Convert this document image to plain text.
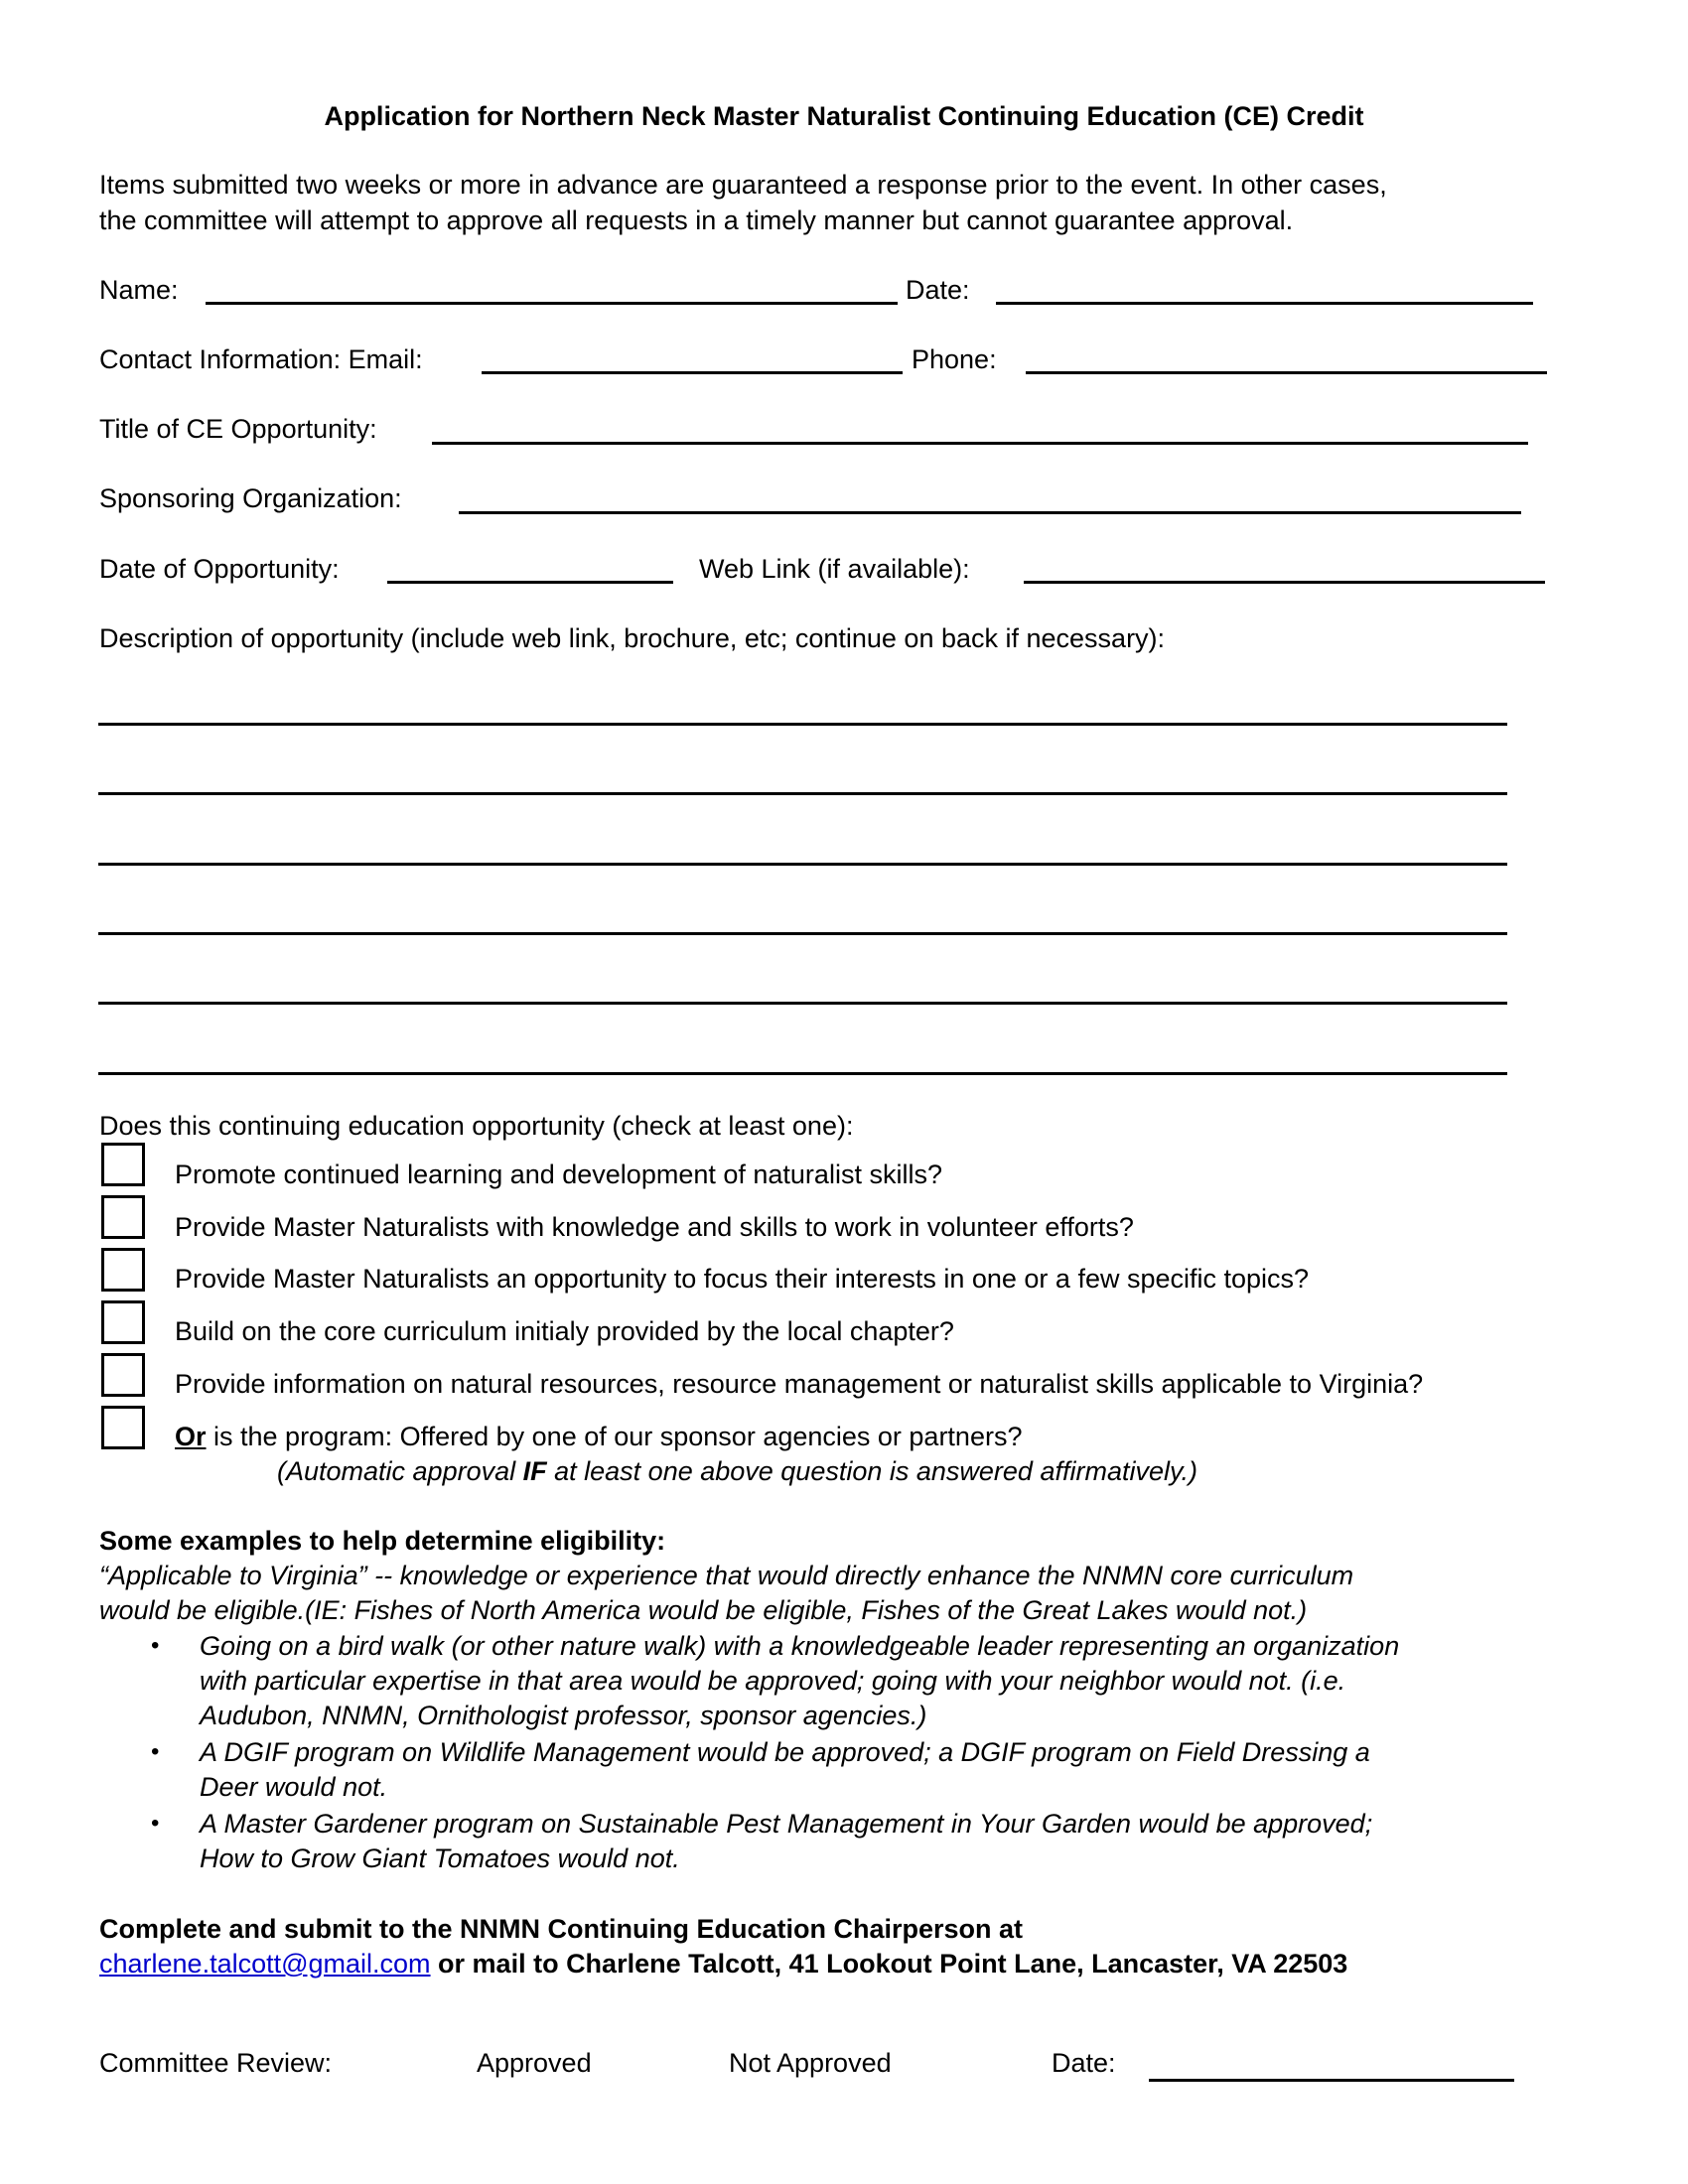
Application for Northern Neck Master Naturalist Continuing Education (CE) Credit
Items submitted two weeks or more in advance are guaranteed a response prior to the event. In other cases,
the committee will attempt to approve all requests in a timely manner but cannot guarantee approval.
Name:	Date:
Contact Information: Email:	Phone:
Title of CE Opportunity:
Sponsoring Organization:
Date of Opportunity:	Web Link (if available):
Description of opportunity (include web link, brochure, etc; continue on back if necessary):
Does this continuing education opportunity (check at least one):
Promote continued learning and development of naturalist skills?
Provide Master Naturalists with knowledge and skills to work in volunteer efforts?
Provide Master Naturalists an opportunity to focus their interests in one or a few specific topics?
Build on the core curriculum initialy provided by the local chapter?
Provide information on natural resources, resource management or naturalist skills applicable to Virginia?
Or is the program: Offered by one of our sponsor agencies or partners?
(Automatic approval IF at least one above question is answered affirmatively.)
Some examples to help determine eligibility:
“Applicable to Virginia” -- knowledge or experience that would directly enhance the NNMN core curriculum
would be eligible.(IE: Fishes of North America would be eligible, Fishes of the Great Lakes would not.)
• Going on a bird walk (or other nature walk) with a knowledgeable leader representing an organization
with particular expertise in that area would be approved; going with your neighbor would not. (i.e.
Audubon, NNMN, Ornithologist professor, sponsor agencies.)
• A DGIF program on Wildlife Management would be approved; a DGIF program on Field Dressing a
Deer would not.
• A Master Gardener program on Sustainable Pest Management in Your Garden would be approved;
How to Grow Giant Tomatoes would not.
Complete and submit to the NNMN Continuing Education Chairperson at
charlene.talcott@gmail.com or mail to Charlene Talcott, 41 Lookout Point Lane, Lancaster, VA 22503
Committee Review:	Approved	Not Approved	Date:
